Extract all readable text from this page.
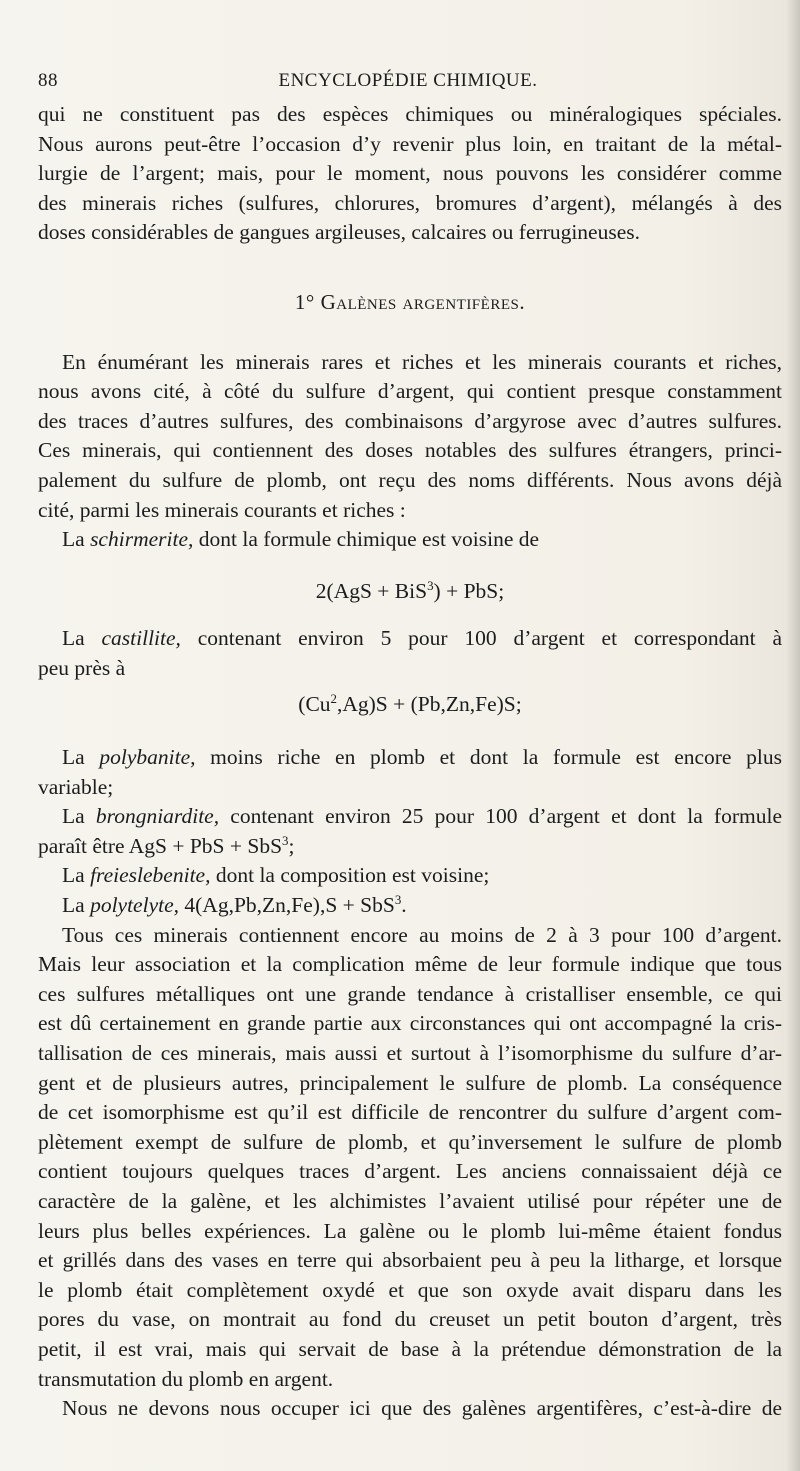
88	ENCYCLOPÉDIE CHIMIQUE.
qui ne constituent pas des espèces chimiques ou minéralogiques spéciales.
Nous aurons peut-être l’occasion d’y revenir plus loin, en traitant de la métal-
lurgie de l’argent; mais, pour le moment, nous pouvons les considérer comme
des minerais riches (sulfures, chlorures, bromures d’argent), mélangés à des
doses considérables de gangues argileuses, calcaires ou ferrugineuses.
1° Galènes argentifères.
En énumérant les minerais rares et riches et les minerais courants et riches,
nous avons cité, à côté du sulfure d’argent, qui contient presque constamment
des traces d’autres sulfures, des combinaisons d’argyrose avec d’autres sulfures.
Ces minerais, qui contiennent des doses notables des sulfures étrangers, princi-
palement du sulfure de plomb, ont reçu des noms différents. Nous avons déjà
cité, parmi les minerais courants et riches :
La schirmerite, dont la formule chimique est voisine de
2(AgS + BiS$^3$) + PbS;
La castillite, contenant environ 5 pour 100 d’argent et correspondant à
peu près à
$(Cu^2,Ag)S + (Pb,Zn,Fe)S$;
La polybanite, moins riche en plomb et dont la formule est encore plus
variable;
La brongniardite, contenant environ 25 pour 100 d’argent et dont la formule
paraît être AgS + PbS + SbS$^3$;
La freieslebenite, dont la composition est voisine;
La polytelyte, 4(Ag,Pb,Zn,Fe),S + SbS$^3$.
Tous ces minerais contiennent encore au moins de 2 à 3 pour 100 d’argent.
Mais leur association et la complication même de leur formule indique que tous
ces sulfures métalliques ont une grande tendance à cristalliser ensemble, ce qui
est dû certainement en grande partie aux circonstances qui ont accompagné la cris-
tallisation de ces minerais, mais aussi et surtout à l’isomorphisme du sulfure d’ar-
gent et de plusieurs autres, principalement le sulfure de plomb. La conséquence
de cet isomorphisme est qu’il est difficile de rencontrer du sulfure d’argent com-
plètement exempt de sulfure de plomb, et qu’inversement le sulfure de plomb
contient toujours quelques traces d’argent. Les anciens connaissaient déjà ce
caractère de la galène, et les alchimistes l’avaient utilisé pour répéter une de
leurs plus belles expériences. La galène ou le plomb lui-même étaient fondus
et grillés dans des vases en terre qui absorbaient peu à peu la litharge, et lorsque
le plomb était complètement oxydé et que son oxyde avait disparu dans les
pores du vase, on montrait au fond du creuset un petit bouton d’argent, très
petit, il est vrai, mais qui servait de base à la prétendue démonstration de la
transmutation du plomb en argent.
Nous ne devons nous occuper ici que des galènes argentifères, c’est-à-dire de
